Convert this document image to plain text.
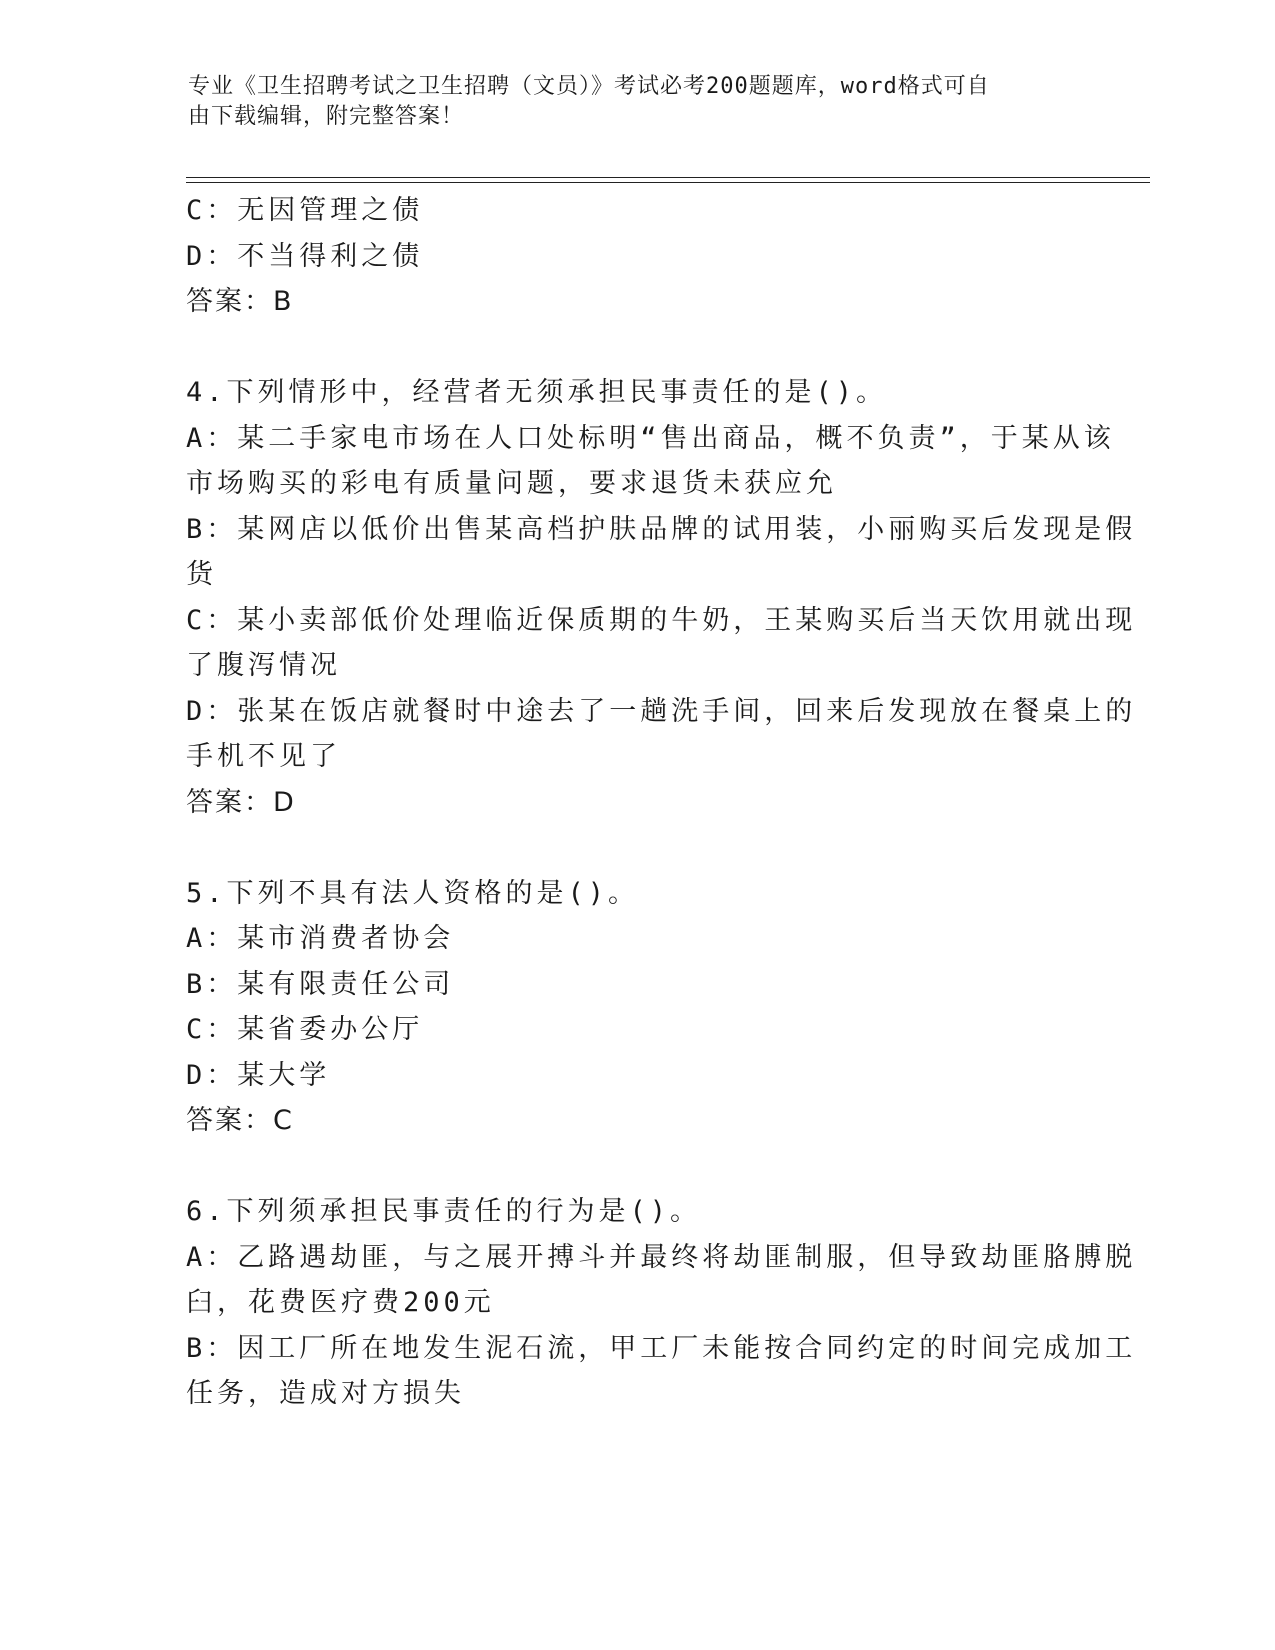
专业《卫生招聘考试之卫生招聘（文员）》考试必考200题题库，word格式可自
由下载编辑，附完整答案！
C：无因管理之债
D：不当得利之债
答案：B
4.下列情形中，经营者无须承担民事责任的是()。
A：某二手家电市场在人口处标明“售出商品，概不负责”，于某从该
市场购买的彩电有质量问题，要求退货未获应允
B：某网店以低价出售某高档护肤品牌的试用装，小丽购买后发现是假
货
C：某小卖部低价处理临近保质期的牛奶，王某购买后当天饮用就出现
了腹泻情况
D：张某在饭店就餐时中途去了一趟洗手间，回来后发现放在餐桌上的
手机不见了
答案：D
5.下列不具有法人资格的是()。
A：某市消费者协会
B：某有限责任公司
C：某省委办公厅
D：某大学
答案：C
6.下列须承担民事责任的行为是()。
A：乙路遇劫匪，与之展开搏斗并最终将劫匪制服，但导致劫匪胳膊脱
臼，花费医疗费200元
B：因工厂所在地发生泥石流，甲工厂未能按合同约定的时间完成加工
任务，造成对方损失
